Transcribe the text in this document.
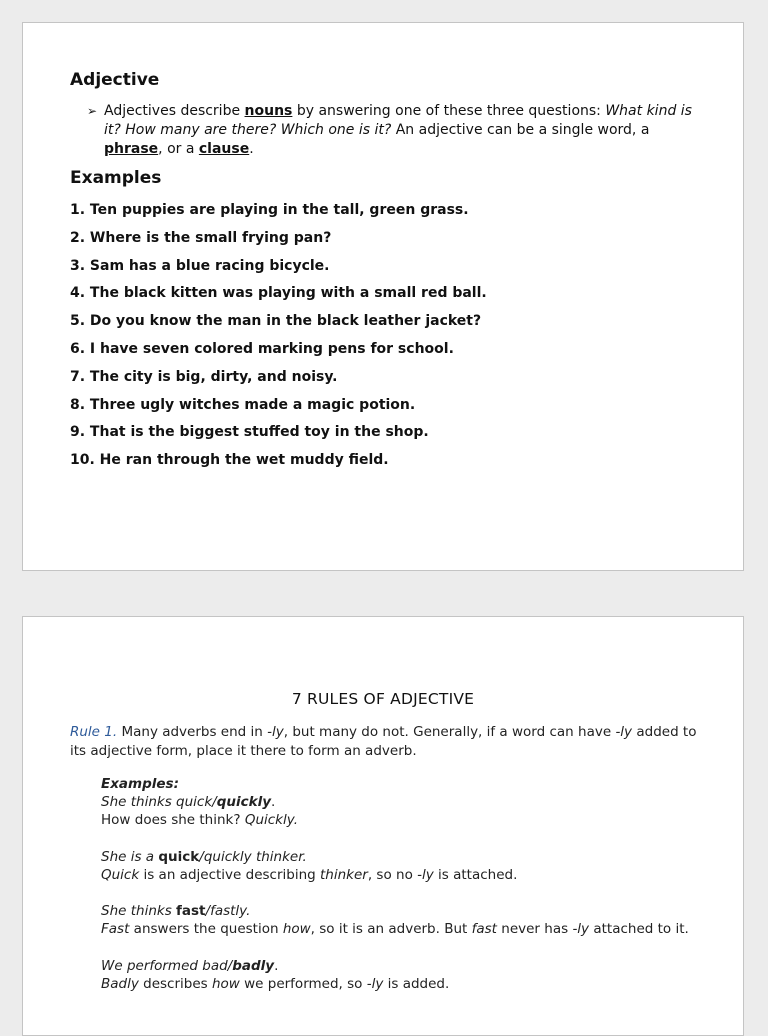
Adjective
➢ Adjectives describe nouns by answering one of these three questions: What kind is it? How many are there? Which one is it? An adjective can be a single word, a phrase, or a clause.
Examples
1. Ten puppies are playing in the tall, green grass.
2. Where is the small frying pan?
3. Sam has a blue racing bicycle.
4. The black kitten was playing with a small red ball.
5. Do you know the man in the black leather jacket?
6. I have seven colored marking pens for school.
7. The city is big, dirty, and noisy.
8. Three ugly witches made a magic potion.
9. That is the biggest stuffed toy in the shop.
10. He ran through the wet muddy field.
7 RULES OF ADJECTIVE
Rule 1. Many adverbs end in -ly, but many do not. Generally, if a word can have -ly added to its adjective form, place it there to form an adverb.
Examples:
She thinks quick/quickly.
How does she think? Quickly.
She is a quick/quickly thinker.
Quick is an adjective describing thinker, so no -ly is attached.
She thinks fast/fastly.
Fast answers the question how, so it is an adverb. But fast never has -ly attached to it.
We performed bad/badly.
Badly describes how we performed, so -ly is added.
